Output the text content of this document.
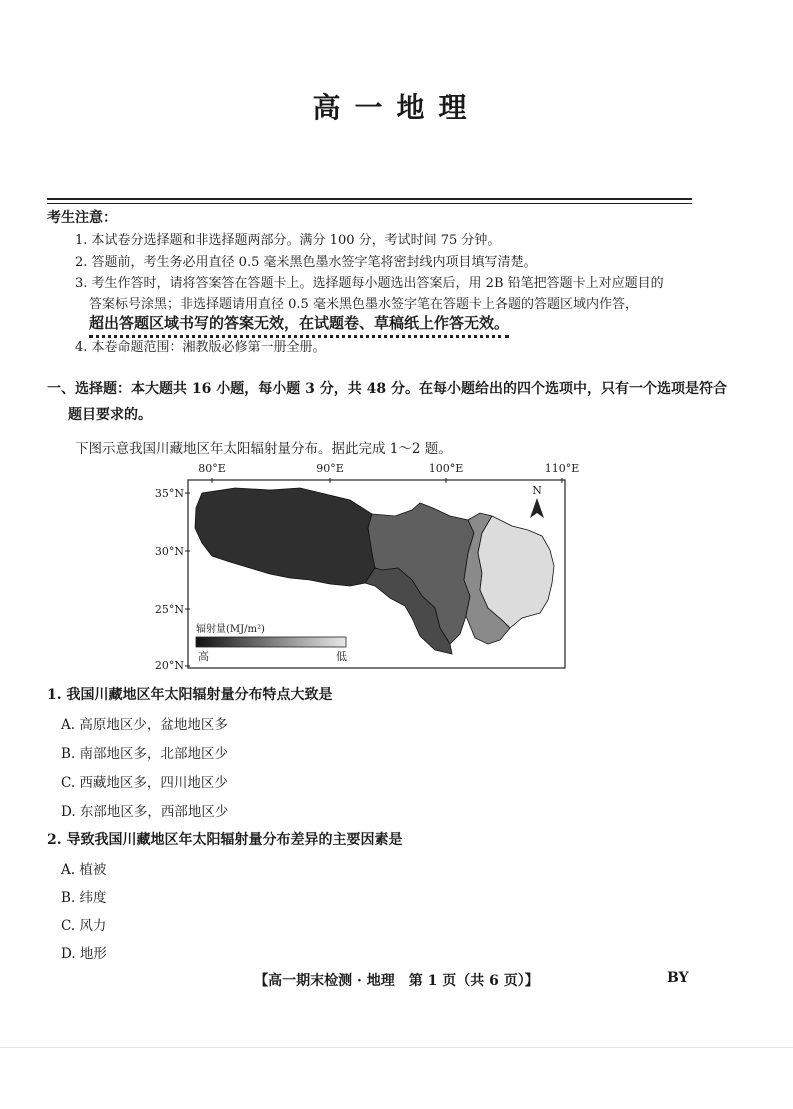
高一地理
考生注意：
1. 本试卷分选择题和非选择题两部分。满分 100 分，考试时间 75 分钟。
2. 答题前，考生务必用直径 0.5 毫米黑色墨水签字笔将密封线内项目填写清楚。
3. 考生作答时，请将答案答在答题卡上。选择题每小题选出答案后，用 2B 铅笔把答题卡上对应题目的
答案标号涂黑；非选择题请用直径 0.5 毫米黑色墨水签字笔在答题卡上各题的答题区域内作答，
超出答题区域书写的答案无效，在试题卷、草稿纸上作答无效。
4. 本卷命题范围：湘教版必修第一册全册。
一、选择题：本大题共 16 小题，每小题 3 分，共 48 分。在每小题给出的四个选项中，只有一个选项是符合
题目要求的。
下图示意我国川藏地区年太阳辐射量分布。据此完成 1～2 题。
80°E	90°E	100°E	110°E
35°N
30°N
25°N
20°N
N
辐射量(MJ/m²)
高	低
1. 我国川藏地区年太阳辐射量分布特点大致是
A. 高原地区少，盆地地区多
B. 南部地区多，北部地区少
C. 西藏地区多，四川地区少
D. 东部地区多，西部地区少
2. 导致我国川藏地区年太阳辐射量分布差异的主要因素是
A. 植被
B. 纬度
C. 风力
D. 地形
【高一期末检测 · 地理　第 1 页（共 6 页）】	BY
